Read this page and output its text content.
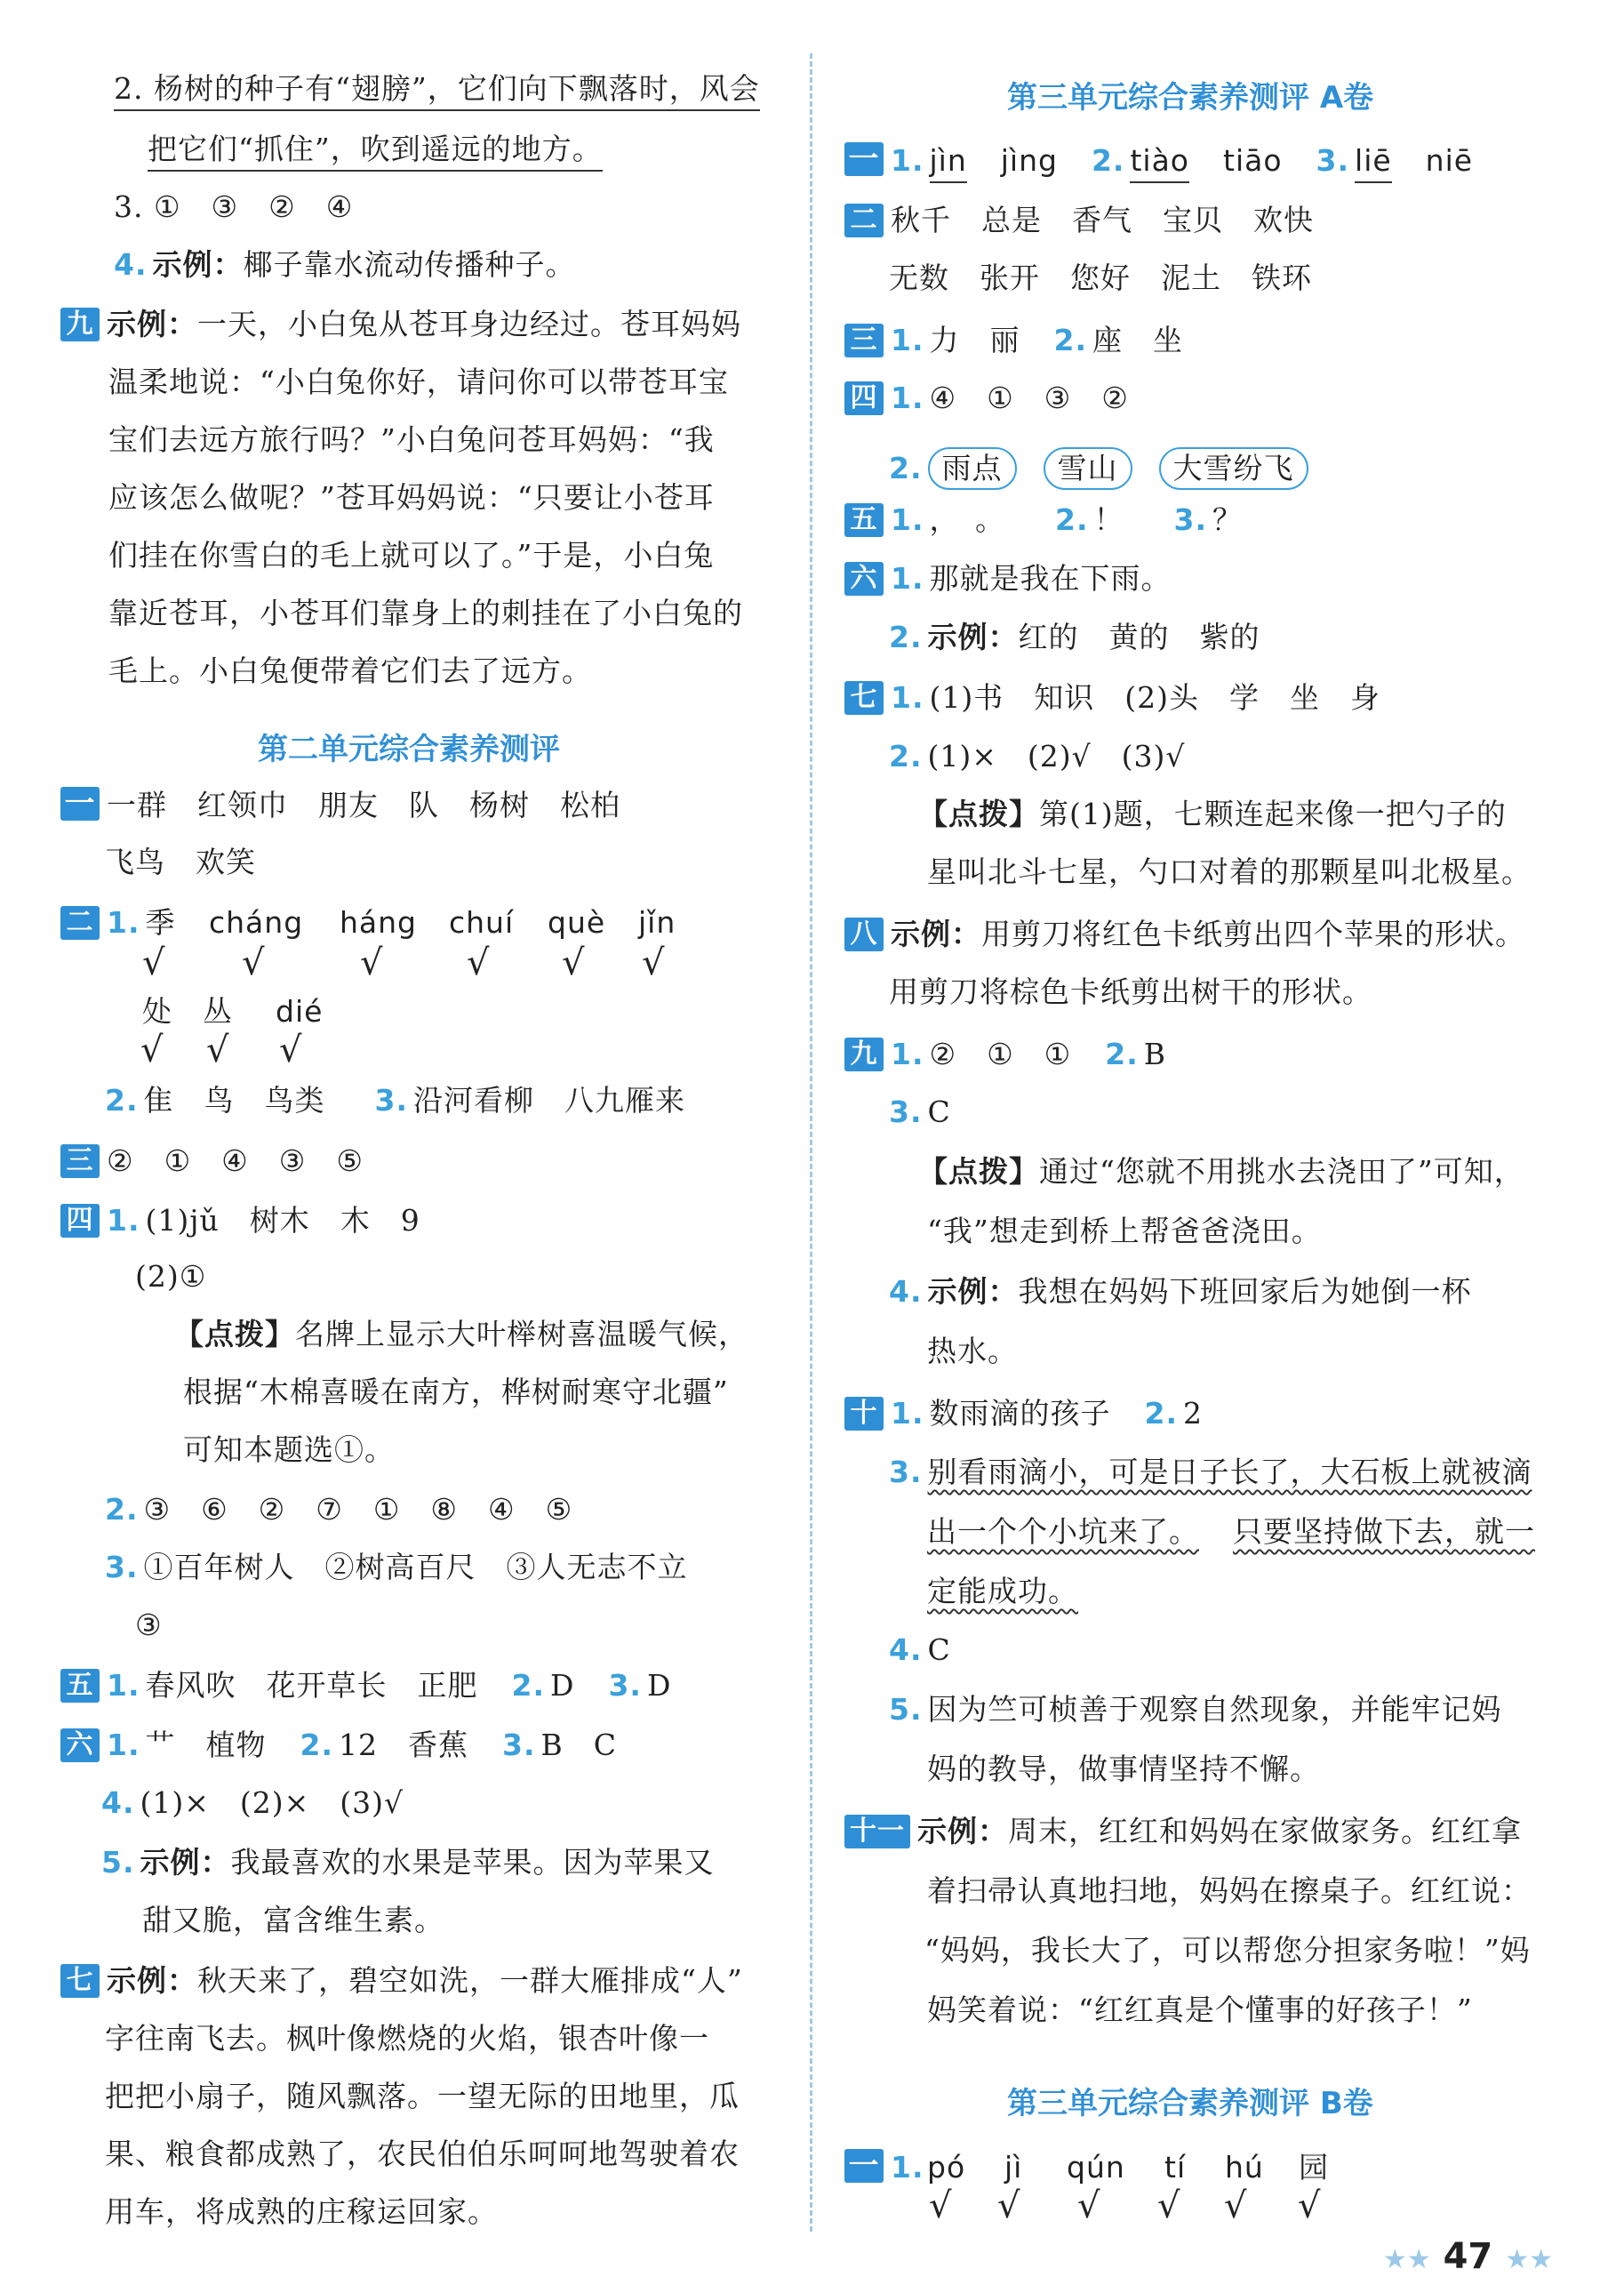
2. 杨树的种子有“翅膀”，它们向下飘落时，风会
把它们“抓住”，吹到遥远的地方。
3. ①　③　②　④
4. 示例：椰子靠水流动传播种子。
九 示例：一天，小白兔从苍耳身边经过。苍耳妈妈
温柔地说：“小白兔你好，请问你可以带苍耳宝
宝们去远方旅行吗？”小白兔问苍耳妈妈：“我
应该怎么做呢？”苍耳妈妈说：“只要让小苍耳
们挂在你雪白的毛上就可以了。”于是，小白兔
靠近苍耳，小苍耳们靠身上的刺挂在了小白兔的
毛上。小白兔便带着它们去了远方。
第二单元综合素养测评
一 一群　红领巾　朋友　队　杨树　松柏
飞鸟　欢笑
二 1. 季 cháng háng chuí què jǐn
√ √	√ √ √ √
处　丛 dié
√ √ √
2. 隹　鸟　鸟类 3. 沿河看柳　八九雁来
三 ②　①　④　③　⑤
四 1. (1)jǔ　树木　木　9
(2)①
【点拨】名牌上显示大叶榉树喜温暖气候，
根据“木棉喜暖在南方，桦树耐寒守北疆”
可知本题选①。
2. ③　⑥　②　⑦　①　⑧　④　⑤
3. ①百年树人　②树高百尺　③人无志不立
③
五 1. 春风吹　花开草长　正肥 2. D 3. D
六 1. 艹　植物 2. 12　香蕉 3. B　C
4. (1)×　(2)×　(3)√
5. 示例：我最喜欢的水果是苹果。因为苹果又
甜又脆，富含维生素。
七 示例：秋天来了，碧空如洗，一群大雁排成“人”
字往南飞去。枫叶像燃烧的火焰，银杏叶像一
把把小扇子，随风飘落。一望无际的田地里，瓜
果、粮食都成熟了，农民伯伯乐呵呵地驾驶着农
用车，将成熟的庄稼运回家。
第三单元综合素养测评 A卷
一 1. jìn jìng 2. tiào tiāo 3. liē niē
二 秋千　总是　香气　宝贝　欢快
无数　张开　您好　泥土　铁环
三 1. 力　丽 2. 座　坐
四 1. ④　①　③　②
2. 雨点 雪山 大雪纷飞
五 1. ，　。 2. ！ 3. ？
六 1. 那就是我在下雨。
2. 示例：红的　黄的　紫的
七 1. (1)书　知识　(2)头　学　坐　身
2. (1)×　(2)√　(3)√
【点拨】第(1)题，七颗连起来像一把勺子的
星叫北斗七星，勺口对着的那颗星叫北极星。
八 示例：用剪刀将红色卡纸剪出四个苹果的形状。
用剪刀将棕色卡纸剪出树干的形状。
九 1. ②　①　① 2. B
3. C
【点拨】通过“您就不用挑水去浇田了”可知，
“我”想走到桥上帮爸爸浇田。
4. 示例：我想在妈妈下班回家后为她倒一杯
热水。
十 1. 数雨滴的孩子 2. 2
3. 别看雨滴小，可是日子长了，大石板上就被滴
出一个个小坑来了。 只要坚持做下去，就一
定能成功。
4. C
5. 因为竺可桢善于观察自然现象，并能牢记妈
妈的教导，做事情坚持不懈。
十一 示例：周末，红红和妈妈在家做家务。红红拿
着扫帚认真地扫地，妈妈在擦桌子。红红说：
“妈妈，我长大了，可以帮您分担家务啦！”妈
妈笑着说：“红红真是个懂事的好孩子！”
第三单元综合素养测评 B卷
一 1. pó jì qún tí hú 园
√ √ √ √ √ √
★★ 47 ★★
